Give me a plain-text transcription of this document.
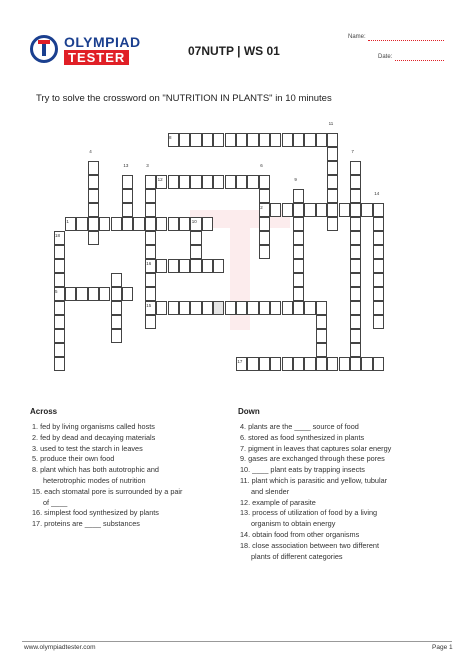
OLYMPIAD
TESTER	07NUTP | WS 01
Name:
Date:
Try to solve the crossword on "NUTRITION IN PLANTS" in 10 minutes
11
8
4	7
13	3
12
6
9
2
14
1	10
18
16
5
15
17
Across
1. fed by living organisms called hosts
2. fed by dead and decaying materials
3. used to test the starch in leaves
5. produce their own food
8. plant which has both autotrophic and
heterotrophic modes of nutrition
15. each stomatal pore is surrounded by a pair
of ____
16. simplest food synthesized by plants
17. proteins are ____ substances
Down
4. plants are the ____ source of food
6. stored as food synthesized in plants
7. pigment in leaves that captures solar energy
9. gases are exchanged through these pores
10. ____ plant eats by trapping insects
11. plant which is parasitic and yellow, tubular
and slender
12. example of parasite
13. process of utilization of food by a living
organism to obtain energy
14. obtain food from other organisms
18. close association between two different
plants of different categories
www.olympiadtester.com	Page 1
